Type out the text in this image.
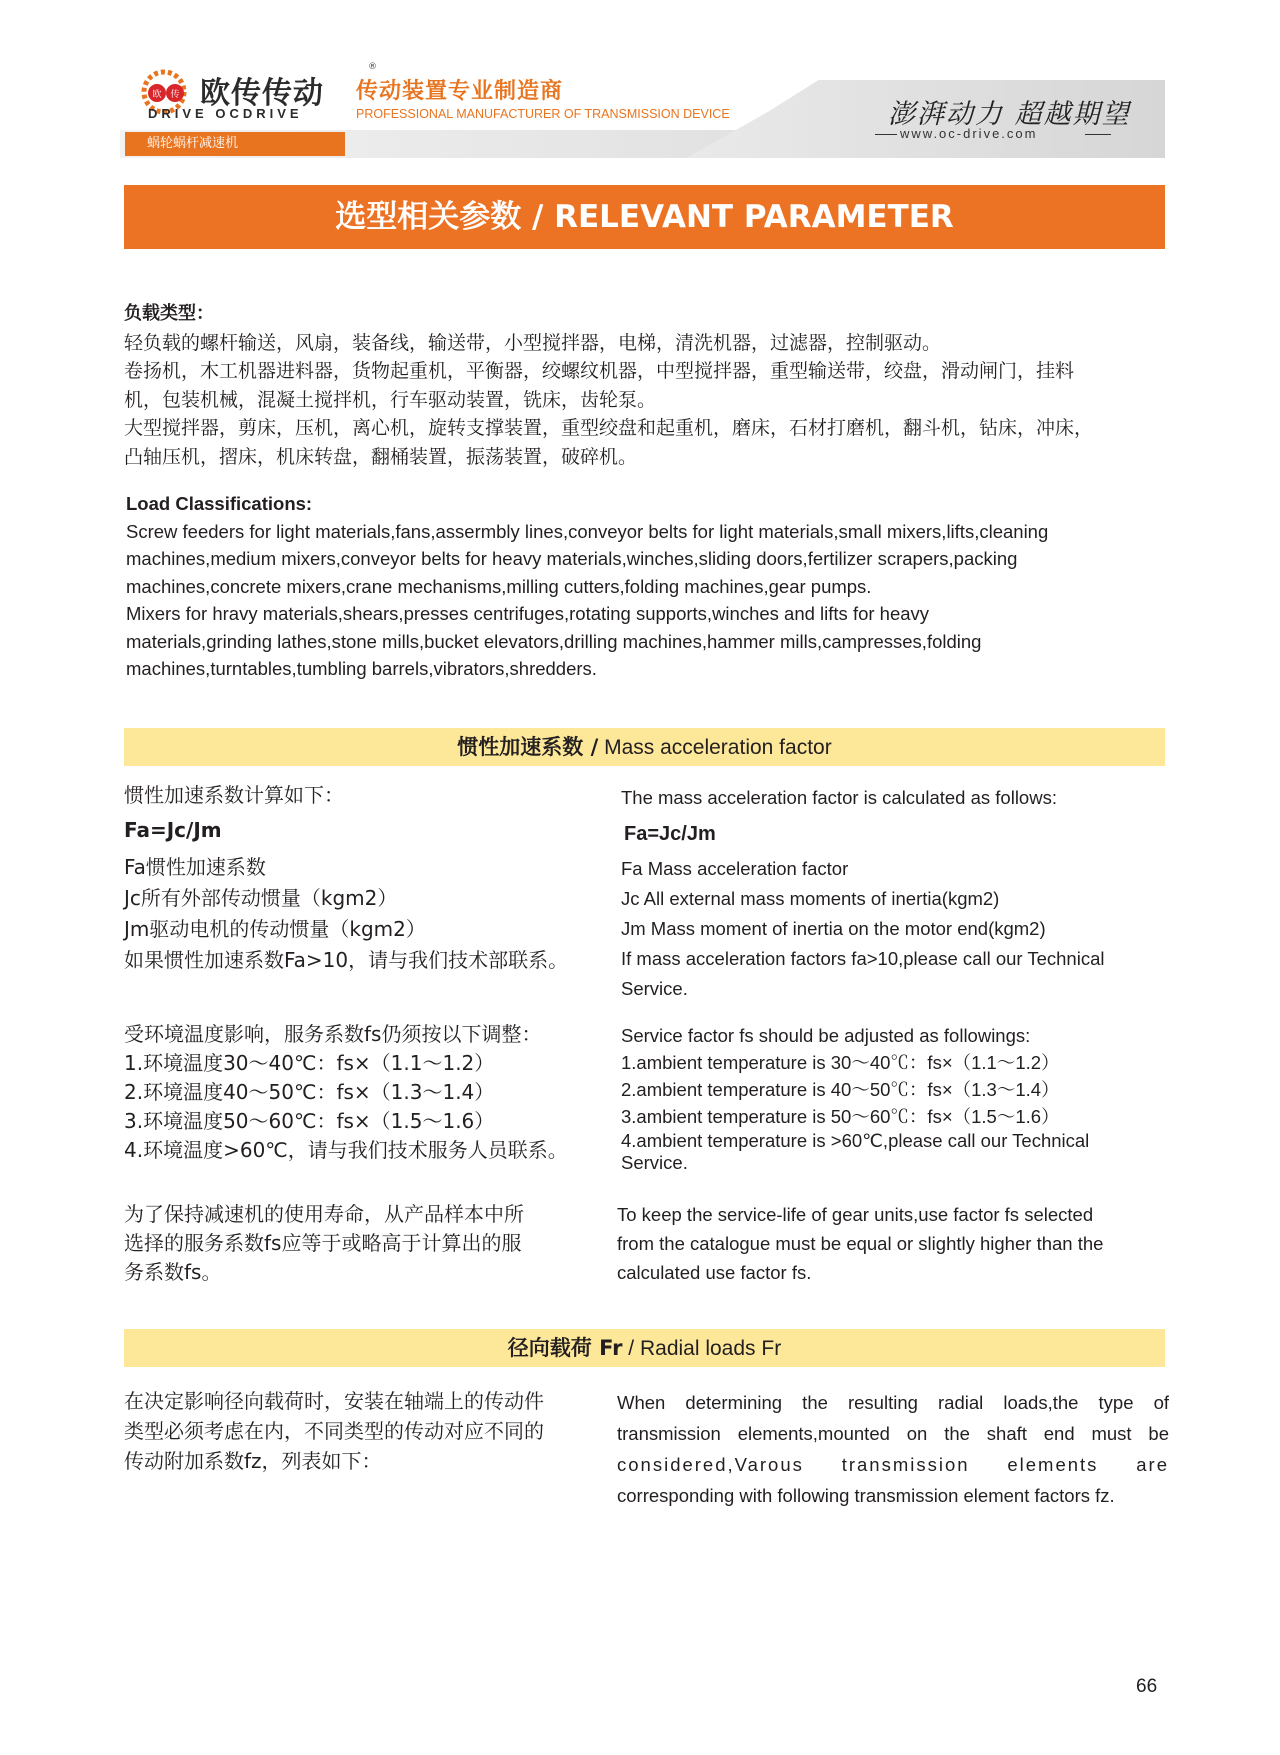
欧 传 欧传传动
®
DRIVE OCDRIVE
传动装置专业制造商
PROFESSIONAL MANUFACTURER OF TRANSMISSION DEVICE	澎湃动力 超越期望
www.oc-drive.com
蜗轮蜗杆减速机
选型相关参数 / RELEVANT PARAMETER

负载类型：

轻负载的螺杆输送，风扇，装备线，输送带，小型搅拌器，电梯，清洗机器，过滤器，控制驱动。

卷扬机，木工机器进料器，货物起重机，平衡器，绞螺纹机器，中型搅拌器，重型输送带，绞盘，滑动闸门，挂料

机，包装机械，混凝土搅拌机，行车驱动装置，铣床，齿轮泵。

大型搅拌器，剪床，压机，离心机，旋转支撑装置，重型绞盘和起重机，磨床，石材打磨机，翻斗机，钻床，冲床，

凸轴压机，摺床，机床转盘，翻桶装置，振荡装置，破碎机。

Load Classifications:

Screw feeders for light materials,fans,assermbly lines,conveyor belts for light materials,small mixers,lifts,cleaning

machines,medium mixers,conveyor belts for heavy materials,winches,sliding doors,fertilizer scrapers,packing

machines,concrete mixers,crane mechanisms,milling cutters,folding machines,gear pumps.

Mixers for hravy materials,shears,presses centrifuges,rotating supports,winches and lifts for heavy

materials,grinding lathes,stone mills,bucket elevators,drilling machines,hammer mills,campresses,folding

machines,turntables,tumbling barrels,vibrators,shredders.

惯性加速系数 / Mass acceleration factor

惯性加速系数计算如下：

Fa=Jc/Jm

Fa惯性加速系数

Jc所有外部传动惯量（kgm2）

Jm驱动电机的传动惯量（kgm2）

如果惯性加速系数Fa>10，请与我们技术部联系。

The mass acceleration factor is calculated as follows:

Fa=Jc/Jm

Fa Mass acceleration factor

Jc All external mass moments of inertia(kgm2)

Jm Mass moment of inertia on the motor end(kgm2)

If mass acceleration factors fa>10,please call our Technical

Service.

受环境温度影响，服务系数fs仍须按以下调整：

1.环境温度30～40℃：fs×（1.1～1.2）

2.环境温度40～50℃：fs×（1.3～1.4）

3.环境温度50～60℃：fs×（1.5～1.6）

4.环境温度>60℃，请与我们技术服务人员联系。

Service factor fs should be adjusted as followings:

1.ambient temperature is 30～40℃：fs×（1.1～1.2）

2.ambient temperature is 40～50℃：fs×（1.3～1.4）

3.ambient temperature is 50～60℃：fs×（1.5～1.6）

4.ambient temperature is >60℃,please call our Technical

Service.

为了保持减速机的使用寿命，从产品样本中所

选择的服务系数fs应等于或略高于计算出的服

务系数fs。

To keep the service-life of gear units,use factor fs selected

from the catalogue must be equal or slightly higher than the

calculated use factor fs.

径向载荷 Fr / Radial loads Fr

在决定影响径向载荷时，安装在轴端上的传动件

类型必须考虑在内，不同类型的传动对应不同的

传动附加系数fz，列表如下：

When determining the resulting radial loads,the type of

transmission elements,mounted on the shaft end must be

considered,Varous transmission elements are

corresponding with following transmission element factors fz.

66
